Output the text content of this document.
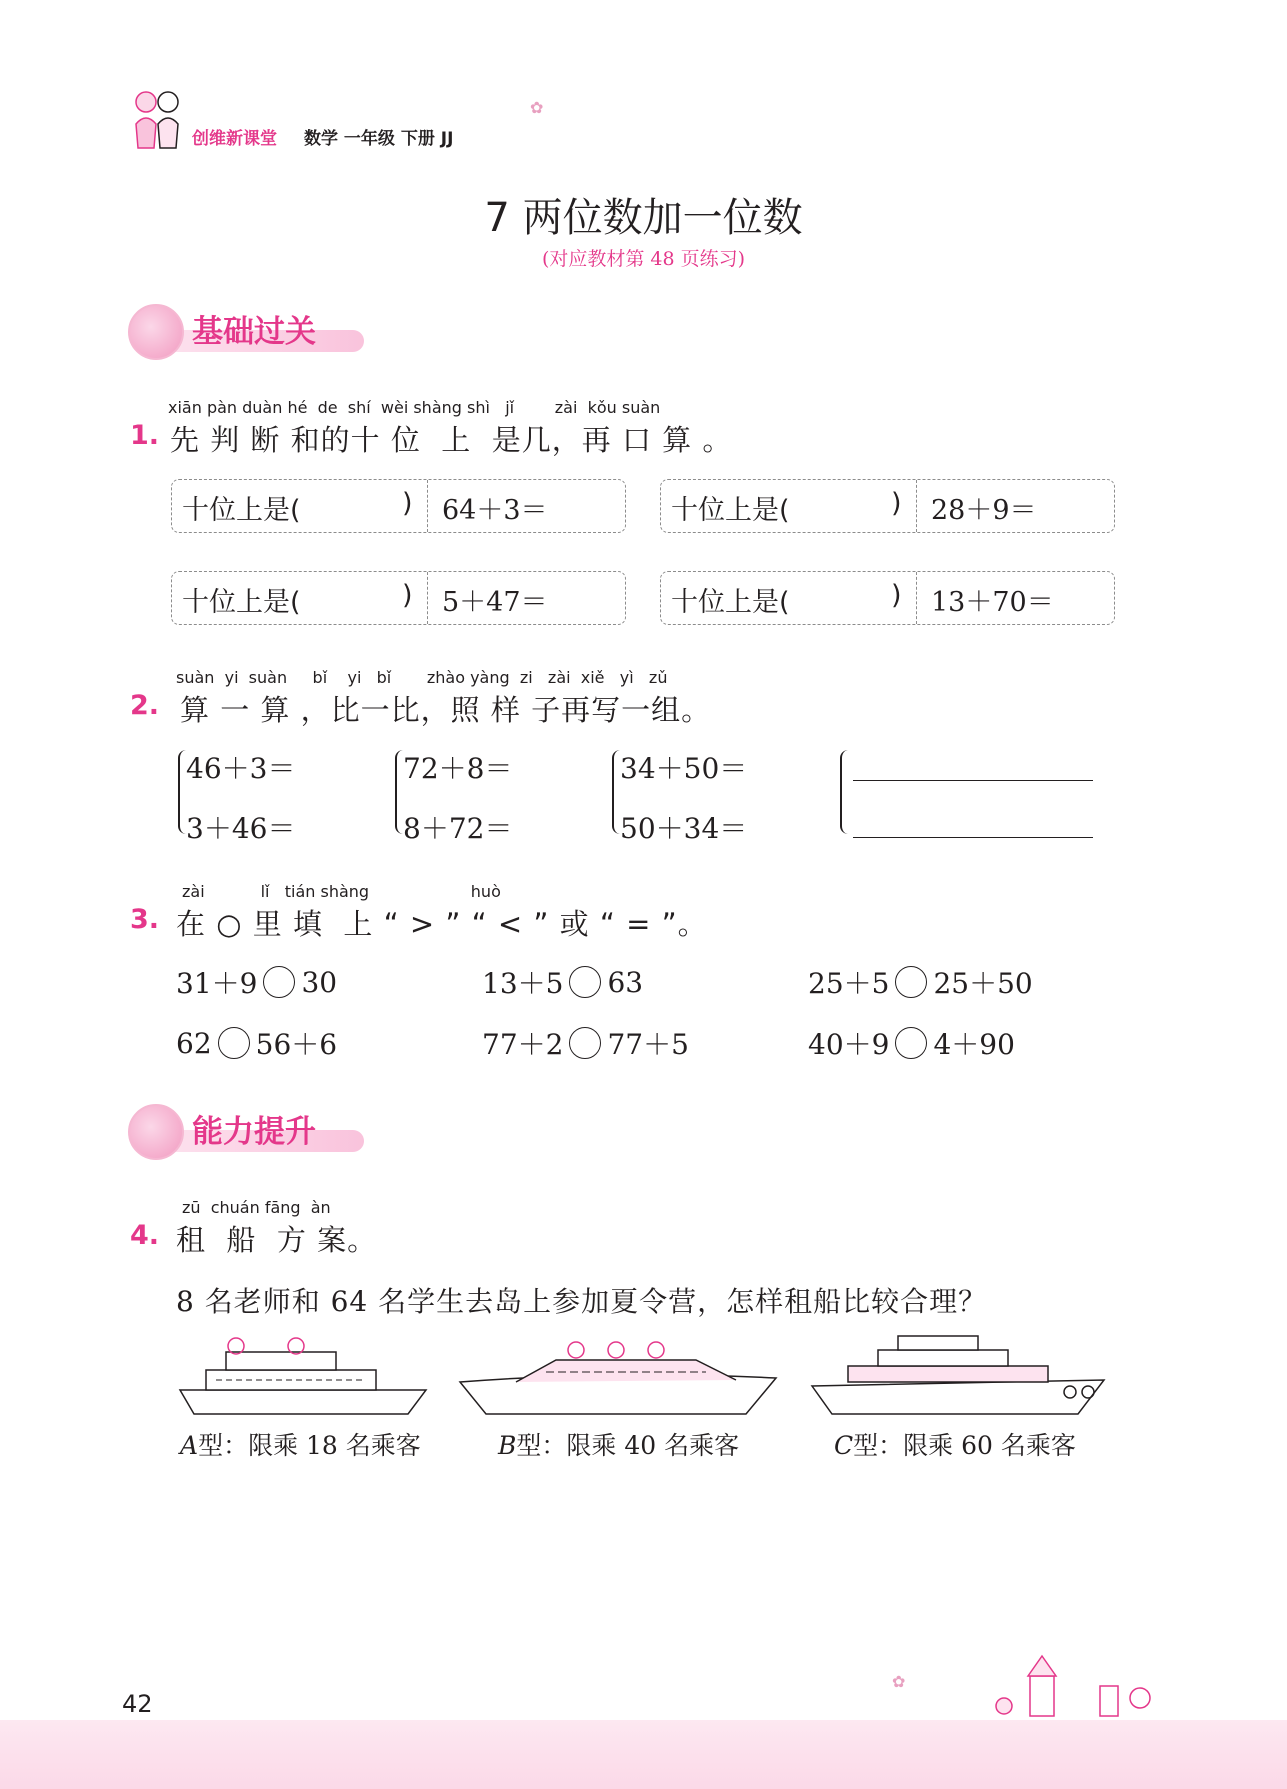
创维新课堂 数学 一年级 下册 JJ
✿
7 两位数加一位数
(对应教材第 48 页练习)
基础过关
xiān pàn duàn hé  de  shí  wèi shàng shì   jǐ        zài  kǒu suàn
1. 先 判 断 和的十 位  上  是几，再 口 算 。
十位上是(	) 64＋3＝	十位上是(	) 28＋9＝
十位上是(	) 5＋47＝	十位上是(	) 13＋70＝
suàn  yi  suàn     bǐ    yi   bǐ       zhào yàng  zi   zài  xiě   yì   zǔ
2. 算 一 算 ，比一比，照 样 子再写一组。
46＋3＝
3＋46＝
72＋8＝
8＋72＝
34＋50＝
50＋34＝
zài           lǐ   tián shàng                    huò
3. 在 ○ 里 填  上 “ > ” “ < ” 或 “ = ”。
31＋9 30	13＋5 63	25＋5 25＋50
62 56＋6	77＋2 77＋5	40＋9 4＋90
能力提升
zū  chuán fāng  àn
4. 租  船  方 案。
8 名老师和 64 名学生去岛上参加夏令营，怎样租船比较合理？
A型：限乘 18 名乘客	B型：限乘 40 名乘客	C型：限乘 60 名乘客
42
✿
